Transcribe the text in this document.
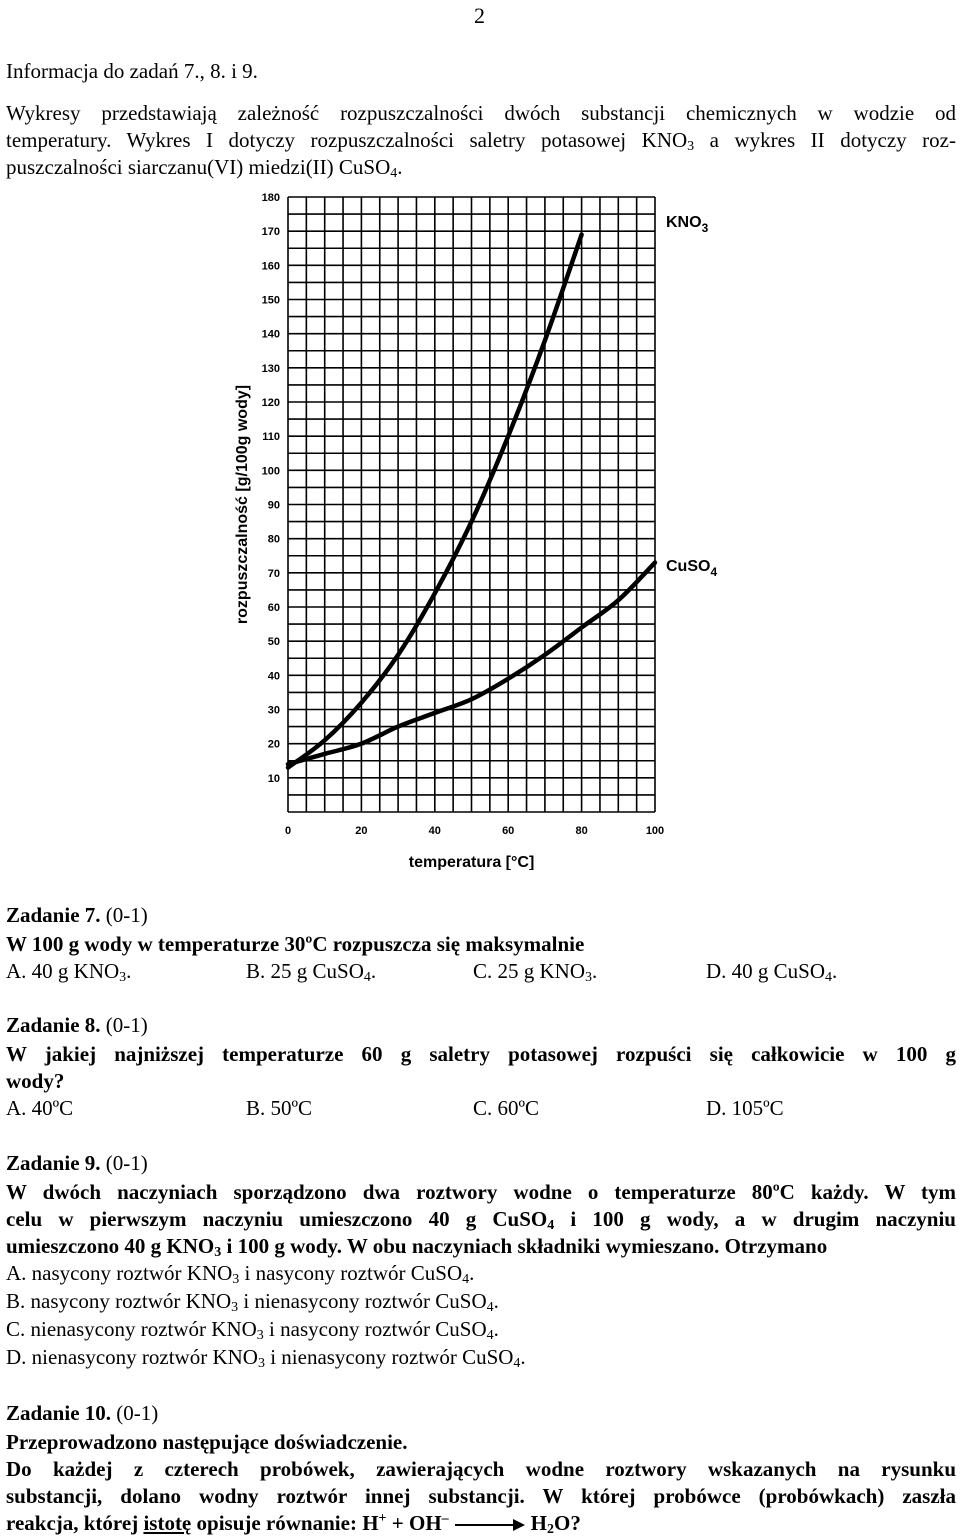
2
Informacja do zadań 7., 8. i 9.
Wykresy przedstawiają zależność rozpuszczalności dwóch substancji chemicznych w wodzie od
temperatury. Wykres I dotyczy rozpuszczalności saletry potasowej $KNO_3$ a wykres II dotyczy roz-
puszczalności siarczanu(VI) miedzi(II) CuSO$_4$.
10
20
30
40
50
60
70
80
90
100
110
120
130
140
150
160
170
180
0	20	40	60	80	100
temperatura [°C]
rozpuszczalność [g/100g wody]
$KNO_3$
CuSO$_4$
Zadanie 7. (0-1)
W 100 g wody w temperaturze 30ºC rozpuszcza się maksymalnie
A. 40 g $KNO_3$.	B. 25 g CuSO$_4$.	C. 25 g $KNO_3$.	D. 40 g CuSO$_4$.
Zadanie 8. (0-1)
W jakiej najniższej temperaturze 60 g saletry potasowej rozpuści się całkowicie w 100 g
wody?
A. 40ºC	B. 50ºC	C. 60ºC	D. 105ºC
Zadanie 9. (0-1)
W dwóch naczyniach sporządzono dwa roztwory wodne o temperaturze 80ºC każdy. W tym
celu w pierwszym naczyniu umieszczono 40 g CuSO$_4$ i 100 g wody, a w drugim naczyniu
umieszczono 40 g $KNO_3$ i 100 g wody. W obu naczyniach składniki wymieszano. Otrzymano
A. nasycony roztwór $KNO_3$ i nasycony roztwór CuSO$_4$.
B. nasycony roztwór $KNO_3$ i nienasycony roztwór CuSO$_4$.
C. nienasycony roztwór $KNO_3$ i nasycony roztwór CuSO$_4$.
D. nienasycony roztwór $KNO_3$ i nienasycony roztwór CuSO$_4$.
Zadanie 10. (0-1)
Przeprowadzono następujące doświadczenie.
Do każdej z czterech probówek, zawierających wodne roztwory wskazanych na rysunku
substancji, dolano wodny roztwór innej substancji. W której probówce (probówkach) zaszła
reakcja, której istotę opisuje równanie: H+ + OH–	$H_2O$?
